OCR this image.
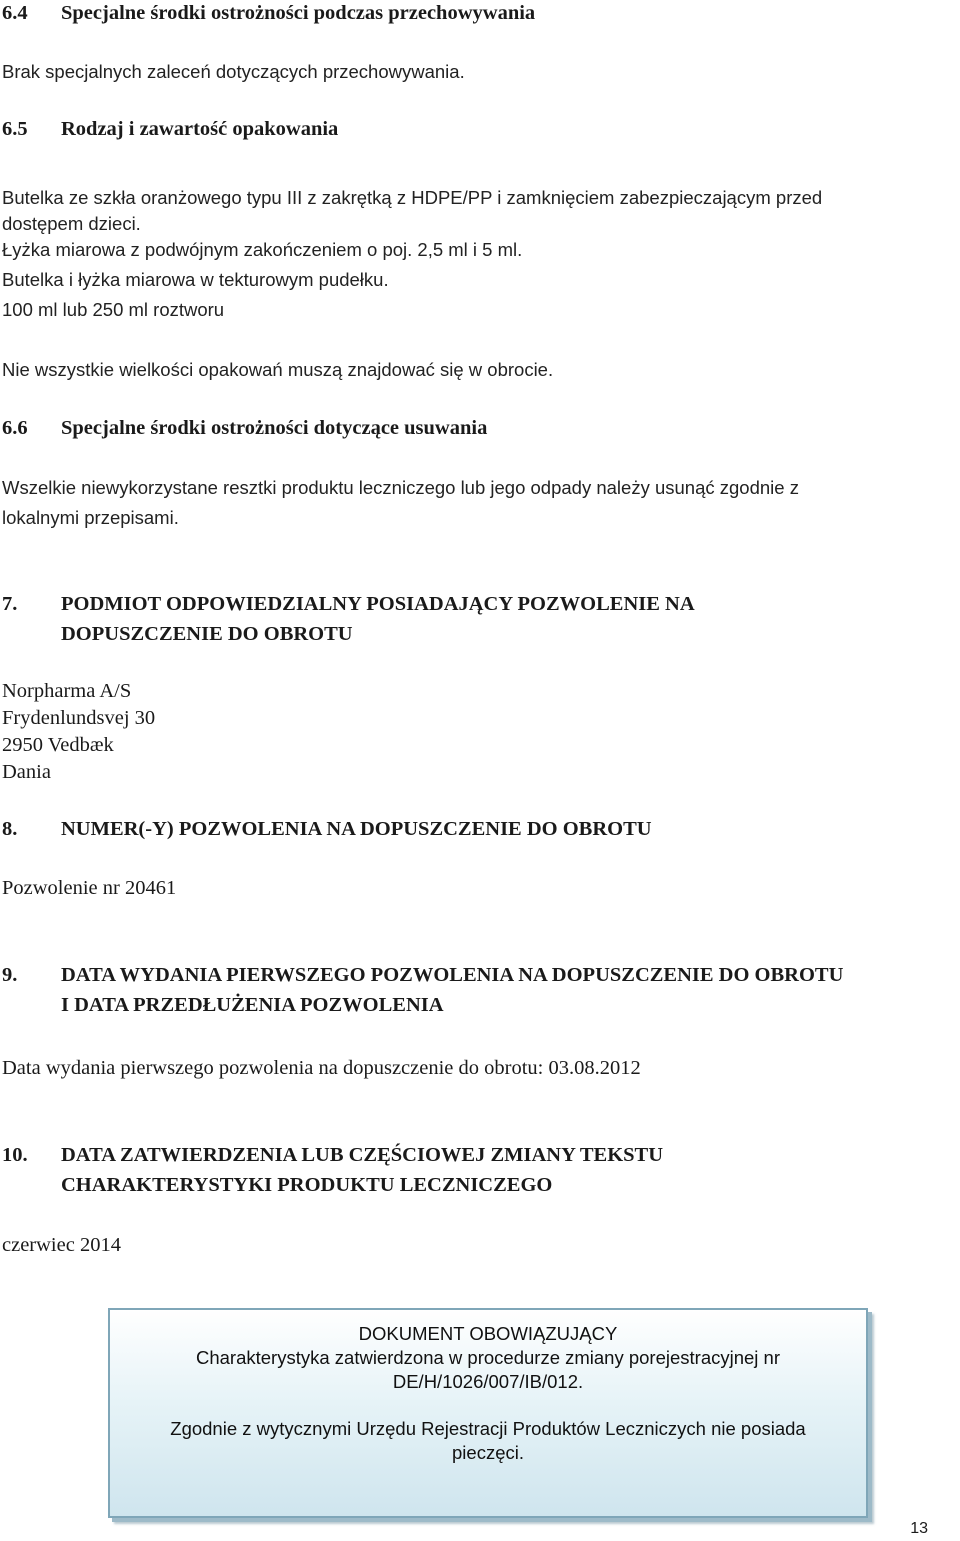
6.4 Specjalne środki ostrożności podczas przechowywania
Brak specjalnych zaleceń dotyczących przechowywania.
6.5 Rodzaj i zawartość opakowania
Butelka ze szkła oranżowego typu III z zakrętką z HDPE/PP i zamknięciem zabezpieczającym przed
dostępem dzieci.
Łyżka miarowa z podwójnym zakończeniem o poj. 2,5 ml i 5 ml.
Butelka i łyżka miarowa w tekturowym pudełku.
100 ml lub 250 ml roztworu
Nie wszystkie wielkości opakowań muszą znajdować się w obrocie.
6.6 Specjalne środki ostrożności dotyczące usuwania
Wszelkie niewykorzystane resztki produktu leczniczego lub jego odpady należy usunąć zgodnie z
lokalnymi przepisami.
7. PODMIOT ODPOWIEDZIALNY POSIADAJĄCY POZWOLENIE NA
DOPUSZCZENIE DO OBROTU
Norpharma A/S
Frydenlundsvej 30
2950 Vedbæk
Dania
8. NUMER(-Y) POZWOLENIA NA DOPUSZCZENIE DO OBROTU
Pozwolenie nr 20461
9. DATA WYDANIA PIERWSZEGO POZWOLENIA NA DOPUSZCZENIE DO OBROTU
I DATA PRZEDŁUŻENIA POZWOLENIA
Data wydania pierwszego pozwolenia na dopuszczenie do obrotu: 03.08.2012
10. DATA ZATWIERDZENIA LUB CZĘŚCIOWEJ ZMIANY TEKSTU
CHARAKTERYSTYKI PRODUKTU LECZNICZEGO
czerwiec 2014
DOKUMENT OBOWIĄZUJĄCY
Charakterystyka zatwierdzona w procedurze zmiany porejestracyjnej nr
DE/H/1026/007/IB/012.
Zgodnie z wytycznymi Urzędu Rejestracji Produktów Leczniczych nie posiada
pieczęci.
13
